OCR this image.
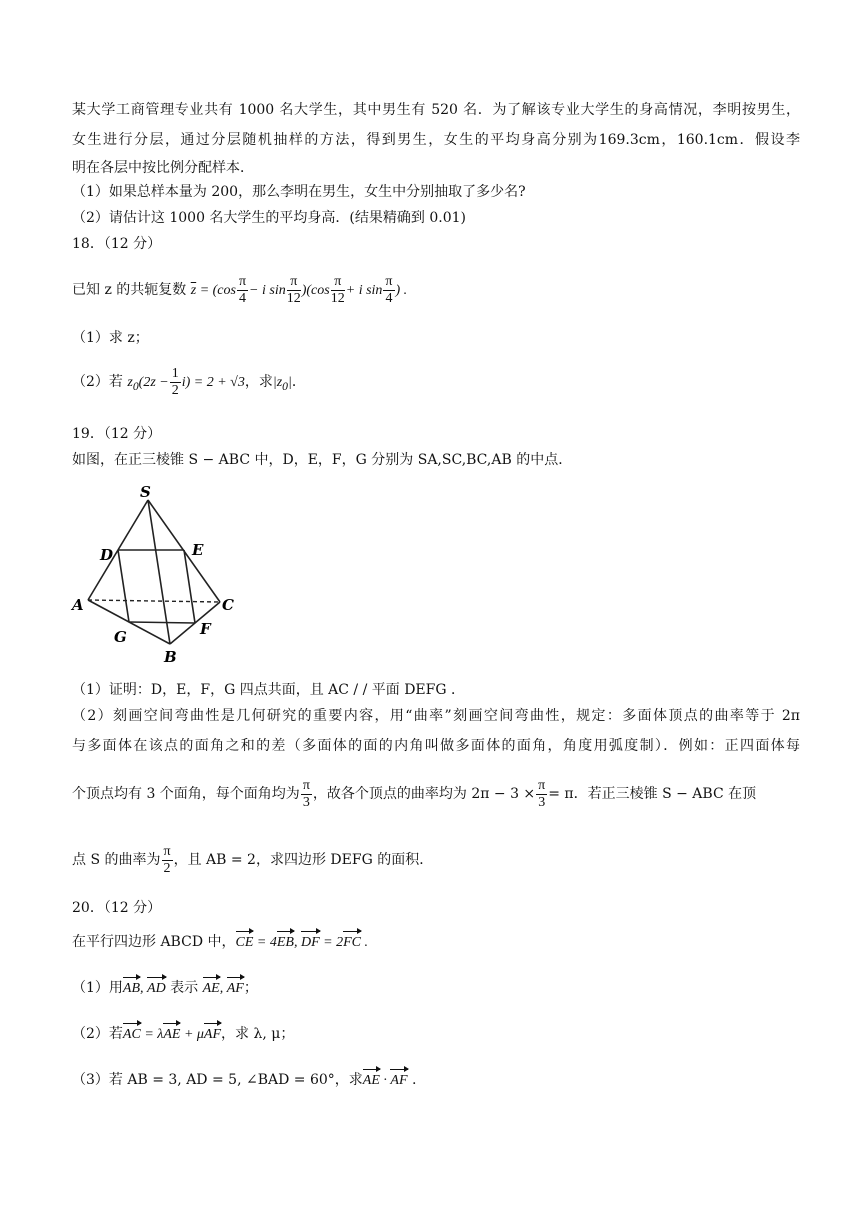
某大学工商管理专业共有 1000 名大学生，其中男生有 520 名．为了解该专业大学生的身高情况，李明按男生，
女生进行分层，通过分层随机抽样的方法，得到男生，女生的平均身高分别为169.3cm，160.1cm．假设李
明在各层中按比例分配样本．
（1）如果总样本量为 200，那么李明在男生，女生中分别抽取了多少名?
（2）请估计这 1000 名大学生的平均身高．(结果精确到 0.01)
18．（12 分）
已知 z 的共轭复数 $\overline{z} = (\cos \frac{\pi}{4} - i$ $\sin \frac{\pi}{12} )(\cos \frac{\pi}{12} + i$ $\sin \frac{\pi}{4}$ ) .
（1）求 z；
（2）若 $z_0(2z - \frac{1}{2} i) = 2 + √3$，求$|z_0|$．
19．（12 分）
如图，在正三棱锥 S − ABC 中，D，E，F，G 分别为 SA,SC,BC,AB 的中点．
S
D	E
A	C
G	F
B
（1）证明：D，E，F，G 四点共面，且 AC / / 平面 DEFG ．
（2）刻画空间弯曲性是几何研究的重要内容，用“曲率”刻画空间弯曲性，规定：多面体顶点的曲率等于 2π
与多面体在该点的面角之和的差（多面体的面的内角叫做多面体的面角，角度用弧度制）．例如：正四面体每
个顶点均有 3 个面角，每个面角均为 $\frac{\pi}{3}$ ，故各个顶点的曲率均为 $2\pi - 3 \times \frac{\pi}{3} = \pi$．若正三棱锥 S − ABC 在顶
点 S 的曲率为 $\frac{\pi}{2}$ ，且 AB = 2，求四边形 DEFG 的面积．
20．（12 分）
在平行四边形 ABCD 中，CE = 4EB, DF = 2FC .
（1）用AB, AD 表示 AE, AF；
（2）若AC = λAE + μAF，求 λ, μ；
（3）若 AB = 3, AD = 5, ∠BAD = 60°，求AE · AF .
